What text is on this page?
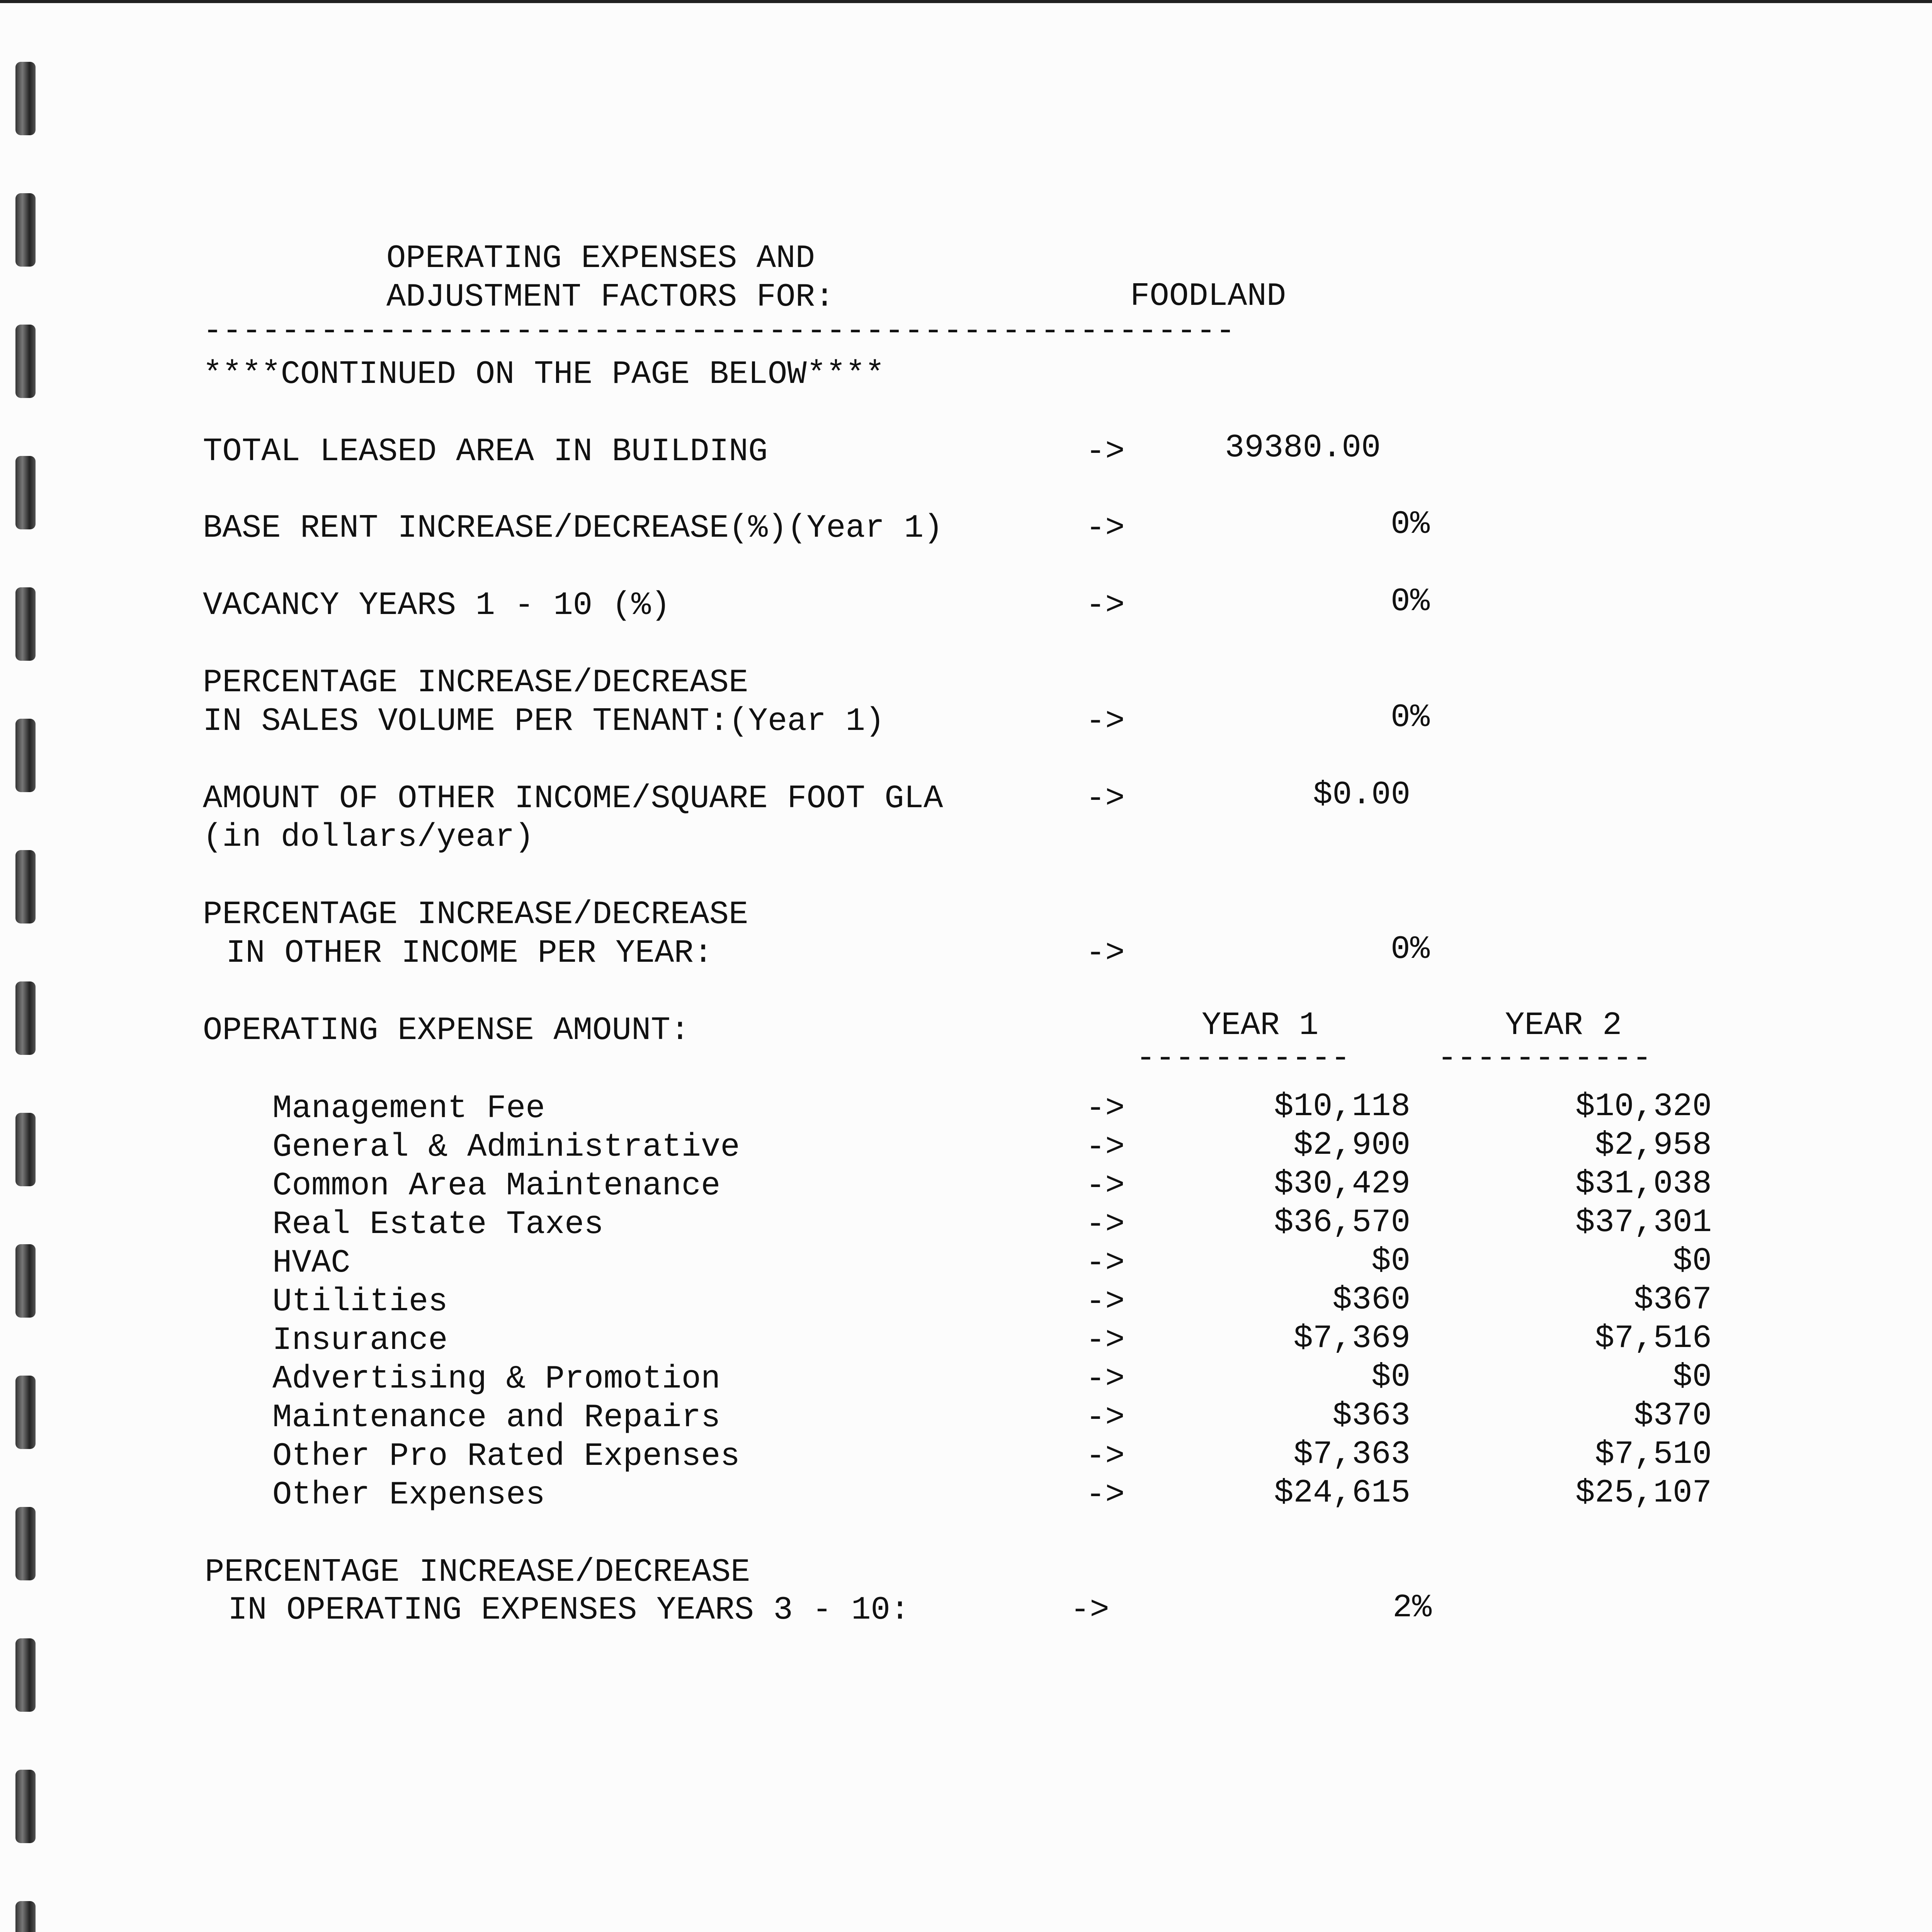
OPERATING EXPENSES AND
ADJUSTMENT FACTORS FOR:	FOODLAND
-----------------------------------------------------
****CONTINUED ON THE PAGE BELOW****
TOTAL LEASED AREA IN BUILDING	->	39380.00
BASE RENT INCREASE/DECREASE(%)(Year 1)	->	0%
VACANCY YEARS 1 - 10 (%)	->	0%
PERCENTAGE INCREASE/DECREASE
IN SALES VOLUME PER TENANT:(Year 1)	->	0%
AMOUNT OF OTHER INCOME/SQUARE FOOT GLA	->	$0.00
(in dollars/year)
PERCENTAGE INCREASE/DECREASE
IN OTHER INCOME PER YEAR:	->	0%
OPERATING EXPENSE AMOUNT:	YEAR 1	YEAR 2
-----------	-----------
Management Fee	->	$10,118	$10,320
General & Administrative	->	$2,900	$2,958
Common Area Maintenance	->	$30,429	$31,038
Real Estate Taxes	->	$36,570	$37,301
HVAC	->	$0	$0
Utilities	->	$360	$367
Insurance	->	$7,369	$7,516
Advertising & Promotion	->	$0	$0
Maintenance and Repairs	->	$363	$370
Other Pro Rated Expenses	->	$7,363	$7,510
Other Expenses	->	$24,615	$25,107
PERCENTAGE INCREASE/DECREASE
IN OPERATING EXPENSES YEARS 3 - 10:	->	2%
